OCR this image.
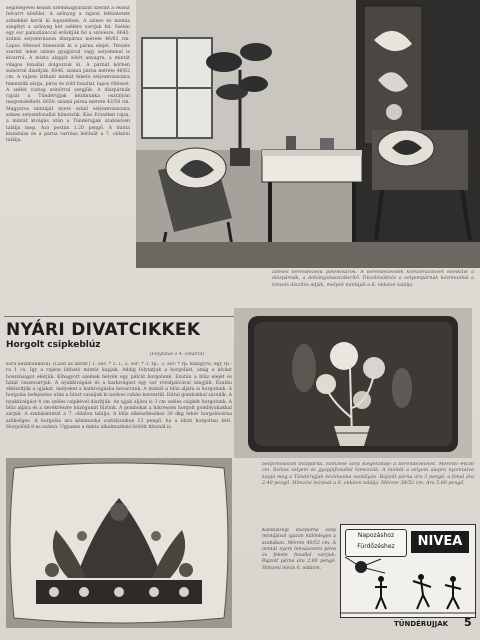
segítségével készíti szemmagyarázat szerint a rézsút felvarrt kötéllel. A szőnyeg a rajzon feltüntetett színekkel kerül ki legszebben. A színes és mintás szegélyt a szőnyeg két szélére varrjuk fel. Szélén egy sor pamutlánccal erősítjük fel a szövésre. 6645. számú selyemvászon díszpárna mérete 46/62 cm. Lapos öltéssel hímezzük ki a párna elejét. Tetszés szerint lehet színes gyapjúval vagy selyemmel is kivarrni. A minta alapját sötét anyagra, a mintát világos fonallal dolgozzuk ki. A párnát körben zsinórral díszítjük. 6646. számú párna mérete 46/62 cm. A rajzon látható mintát fekete selyemvászonra hímezzük sárga, piros és zöld fonallal, lapos öltéssel. A szélét vastag zsinórral szegjük. A díszpárnák rajzát a Tündérujjak kézimunka osztályán megrendelheti. 6650. számú párna mérete 42/58 cm. Magyaros mintáját nyers színű selyemvászonra színes selyemfonallal hímezzük. Kiss Erzsébet rajza, a mintát kivágás után a Tündérujjak szabásívén találja meg. Ára postán 1.20 pengő. A minta kiszabása és a párna varrása leírását a 7. oldalon találja.
Ízléses berendezésű pihenősarok. A berendezésnek korszerűsítését élénkítik a díszpárnák, a dohányzóasztalterítő. Díszítésükhöz a selyempárnák kézimunkái a hímzés díszítés adják, melyek mintáját a 6. oldalon találja.
NYÁRI DIVATCIKKEK
Horgolt csipkeblúz
(Folytatás a 4. oldalról)
sőrű kézimunkával. (Lásd az ábrát!) 1. sor: * 5. l., 2. sor: * 3. rp., 3. sor: * rp. kihagyva, egy rp.-ra 1 cs. Így a rajzon látható mintát kapjuk. Addig folytatjuk a horgolást, amíg a kívánt hosszúságot elérjük. Kihagyott szemek helyén egy pálcát horgolunk. Ezután a blúz elejét és hátát összevarrjuk. A nyakkivágást és a karkivágást egy sor rövidpálcával szegjük. Ezután elkészítjük a ujjakat, melyeket a karkivágásba bevarrunk. A mintát a blúz aljára is horgolunk. A horgolás befejezése után a blúzt vasaljuk ki nedves ruhán keresztül. Hátul gombokkal záródik. A nyakkivágást 4 cm széles csipkével díszítjük. Az ujjak aljára is 3 cm széles csipkét horgolunk. A blúz aljára és a derékrészre húzógumit fűzünk. A gombokat a hátrészen horgolt gomblyukakkal zárjuk. A szabásmintát a 7. oldalon találja. A blúz elkészítéséhez 20 dkg fehér horgolócérna szükséges. A horgolás ára kézimunka osztályunkon 12 pengő, ha a blúzt horgoltan kéri. Horgolótű 8-as számú. Ugyanez a minta alkalmazható kötött blúznál is.
Selyemvászon díszpárna. Hímzése szép kiegészítője a berendezésnek. Méretei 44/56 cm. Színes selyem és gyapjúfonallal hímezzük. A mintát a selyem alapra nyomtatva kapja meg a Tündérujjak kézimunka osztályán. Rajzolt párna ára 3 pengő, a fonal ára 2.40 pengő. Hímzési leírását a 6. oldalon találja. Mérete 38/52 cm. Ára 5.60 pengő.
Kalotaszegi díszpárna szép mintájával igazán különleges a szobában. Mérete 40/52 cm. A mintát nyers lenvászonra piros és fekete fonallal varrjuk. Rajzolt párna ára 2.80 pengő. Hímzési leírás 6. oldalon.
Napozáshoz
Fürdőzéshez	NIVEA
TÜNDÉRUJJAK 5
